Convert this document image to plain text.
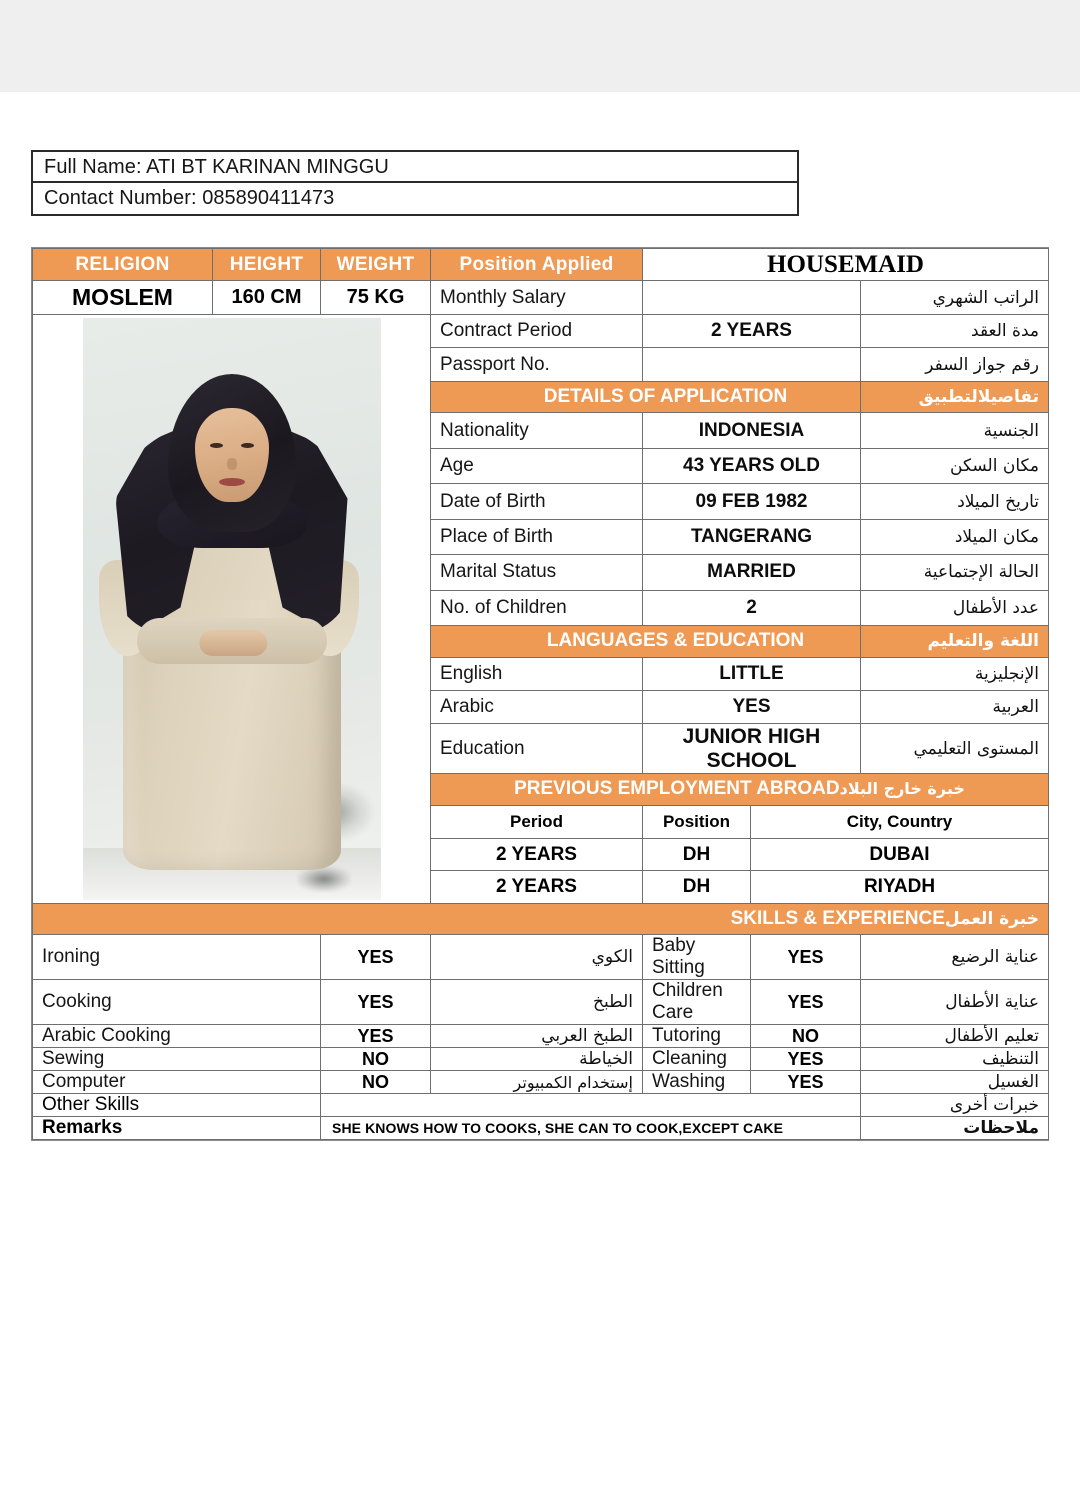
Full Name: ATI BT KARINAN MINGGU
Contact Number: 085890411473
RELIGION	HEIGHT	WEIGHT	Position Applied	HOUSEMAID		
MOSLEM	160 CM	75 KG	Monthly Salary			الراتب الشهري

			Contract Period	2 YEARS		مدة العقد
			Passport No.			رقم جواز السفر
			DETAILS OF APPLICATION			تفاصيلالتطبيق
			Nationality	INDONESIA		الجنسية
			Age	43 YEARS OLD		مكان السكن
			Date of Birth	09 FEB 1982		تاريخ الميلاد
			Place of Birth	TANGERANG		مكان الميلاد
			Marital Status	MARRIED		الحالة الإجتماعية
			No. of Children	2		عدد الأطفال
			LANGUAGES & EDUCATION			اللغة والتعليم
			English	LITTLE		الإنجليزية
			Arabic	YES		العربية
			Education	JUNIOR HIGH SCHOOL		المستوى التعليمي
			PREVIOUS EMPLOYMENT ABROADخبرة خارج البلاد			
			Period	Position	City, Country	
			2 YEARS	DH	DUBAI	
			2 YEARS	DH	RIYADH	
SKILLS & EXPERIENCEخبرة العمل						
Ironing		YES	الكوي	Baby Sitting	YES	عناية الرضيع
Cooking		YES	الطبخ	Children Care	YES	عناية الأطفال
Arabic Cooking		YES	الطبخ العربي	Tutoring	NO	تعليم الأطفال
Sewing		NO	الخياطة	Cleaning	YES	التنظيف
Computer		NO	إستخدام الكمبيوتر	Washing	YES	الغسيل
Other Skills						خبرات أخرى
Remarks		SHE KNOWS HOW TO COOKS, SHE CAN TO COOK,EXCEPT CAKE				ملاحظات
